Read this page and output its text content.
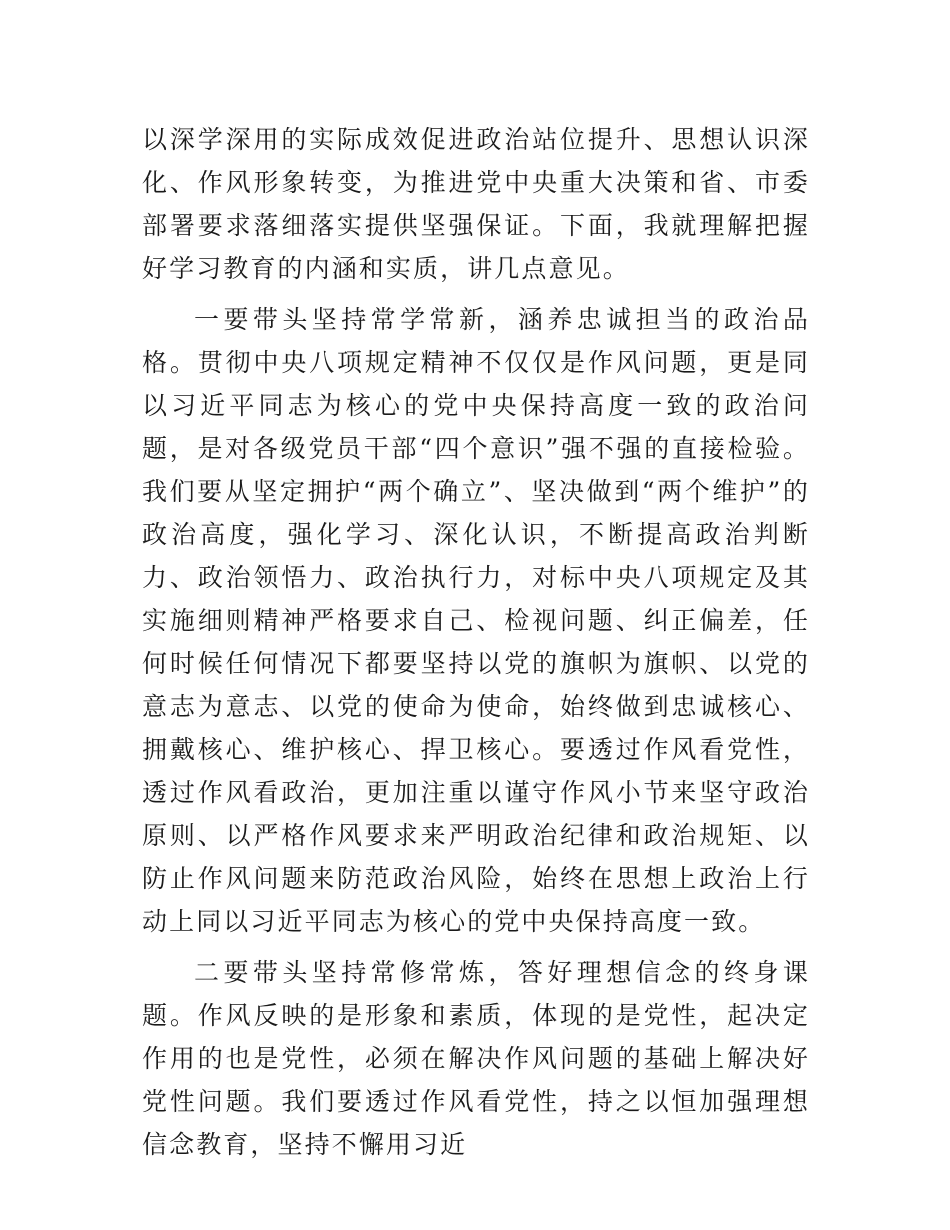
以深学深用的实际成效促进政治站位提升、思想认识深化、作风形象转变，为推进党中央重大决策和省、市委部署要求落细落实提供坚强保证。下面，我就理解把握好学习教育的内涵和实质，讲几点意见。

一要带头坚持常学常新，涵养忠诚担当的政治品格。贯彻中央八项规定精神不仅仅是作风问题，更是同以习近平同志为核心的党中央保持高度一致的政治问题，是对各级党员干部“四个意识”强不强的直接检验。我们要从坚定拥护“两个确立”、坚决做到“两个维护”的政治高度，强化学习、深化认识，不断提高政治判断力、政治领悟力、政治执行力，对标中央八项规定及其实施细则精神严格要求自己、检视问题、纠正偏差，任何时候任何情况下都要坚持以党的旗帜为旗帜、以党的意志为意志、以党的使命为使命，始终做到忠诚核心、拥戴核心、维护核心、捍卫核心。要透过作风看党性，透过作风看政治，更加注重以谨守作风小节来坚守政治原则、以严格作风要求来严明政治纪律和政治规矩、以防止作风问题来防范政治风险，始终在思想上政治上行动上同以习近平同志为核心的党中央保持高度一致。

二要带头坚持常修常炼，答好理想信念的终身课题。作风反映的是形象和素质，体现的是党性，起决定作用的也是党性，必须在解决作风问题的基础上解决好党性问题。我们要透过作风看党性，持之以恒加强理想信念教育，坚持不懈用习近
